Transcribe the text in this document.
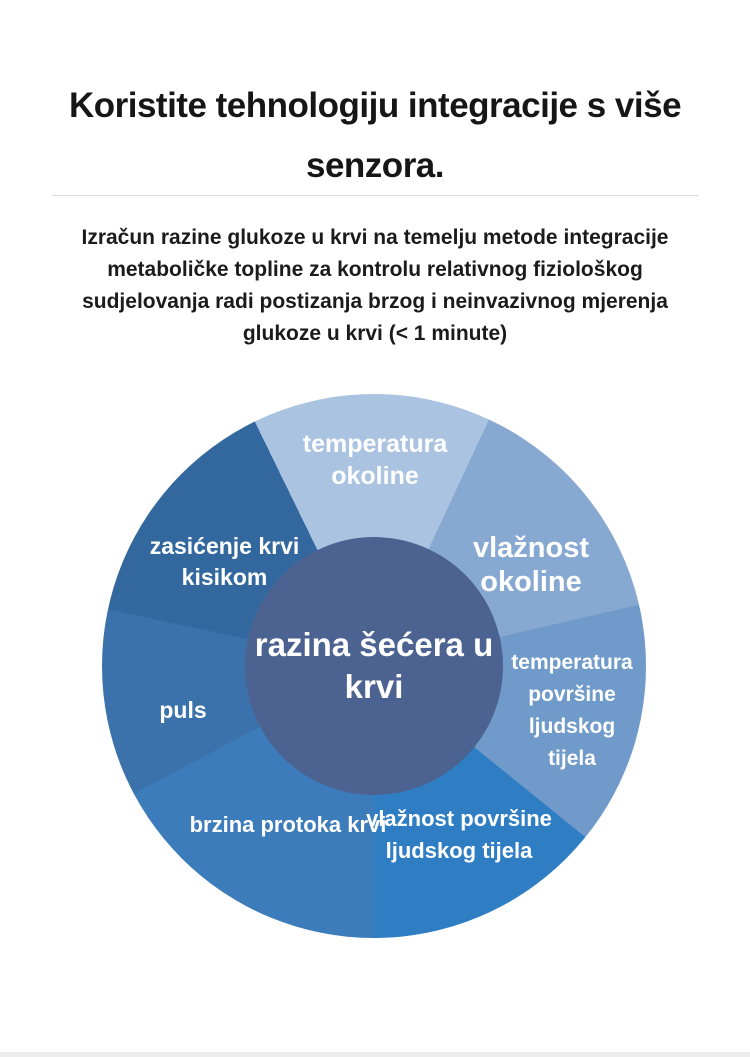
Koristite tehnologiju integracije s više
senzora.
Izračun razine glukoze u krvi na temelju metode integracije
metaboličke topline za kontrolu relativnog fiziološkog
sudjelovanja radi postizanja brzog i neinvazivnog mjerenja
glukoze u krvi (< 1 minute)
temperatura okoline
vlažnost okoline
temperatura površine ljudskog tijela
vlažnost površine ljudskog tijela
brzina protoka krvi
puls
zasićenje krvi kisikom
razina šećera u krvi
